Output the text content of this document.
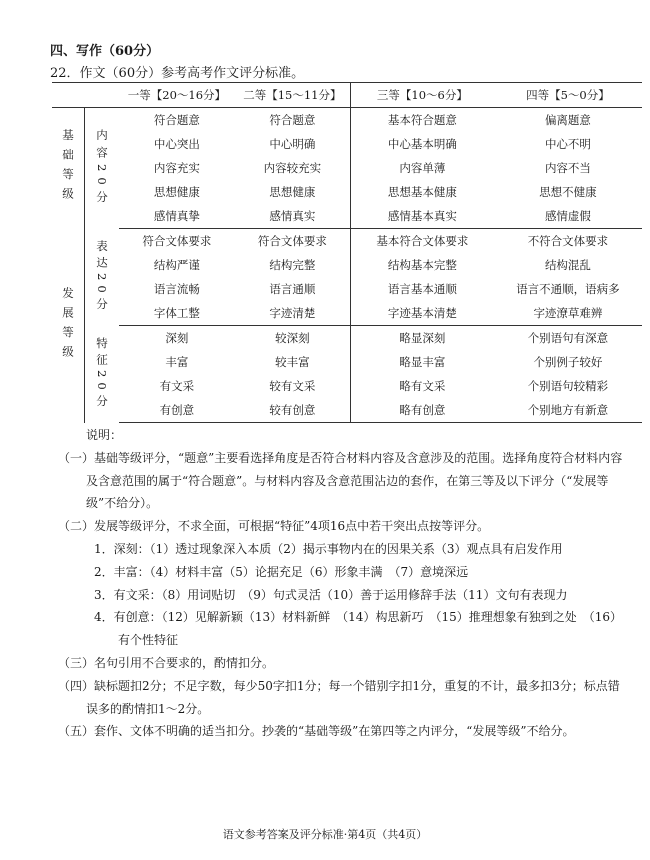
四、写作（60分）
22．作文（60分）参考高考作文评分标准。
		一等【20～16分】	二等【15～11分】	三等【10～6分】	四等【5～0分】
基础等级	内容20分	符合题意	符合题意	基本符合题意	偏离题意
		中心突出	中心明确	中心基本明确	中心不明
		内容充实	内容较充实	内容单薄	内容不当
		思想健康	思想健康	思想基本健康	思想不健康
		感情真挚	感情真实	感情基本真实	感情虚假
发展等级	表达20分	符合文体要求	符合文体要求	基本符合文体要求	不符合文体要求
		结构严谨	结构完整	结构基本完整	结构混乱
		语言流畅	语言通顺	语言基本通顺	语言不通顺，语病多
		字体工整	字迹清楚	字迹基本清楚	字迹潦草难辨
	特征20分	深刻	较深刻	略显深刻	个别语句有深意
		丰富	较丰富	略显丰富	个别例子较好
		有文采	较有文采	略有文采	个别语句较精彩
		有创意	较有创意	略有创意	个别地方有新意

说明：

（一）基础等级评分，“题意”主要看选择角度是否符合材料内容及含意涉及的范围。选择角度符合材料内容及含意范围的属于“符合题意”。与材料内容及含意范围沾边的套作，在第三等及以下评分（“发展等级”不给分）。

（二）发展等级评分，不求全面，可根据“特征”4项16点中若干突出点按等评分。

1．深刻：（1）透过现象深入本质（2）揭示事物内在的因果关系（3）观点具有启发作用

2．丰富：（4）材料丰富（5）论据充足（6）形象丰满　（7）意境深远

3．有文采：（8）用词贴切　（9）句式灵活（10）善于运用修辞手法（11）文句有表现力

4．有创意：（12）见解新颖（13）材料新鲜　（14）构思新巧　（15）推理想象有独到之处　（16）有个性特征

（三）名句引用不合要求的，酌情扣分。

（四）缺标题扣2分；不足字数，每少50字扣1分；每一个错别字扣1分，重复的不计，最多扣3分；标点错误多的酌情扣1～2分。

（五）套作、文体不明确的适当扣分。抄袭的“基础等级”在第四等之内评分，“发展等级”不给分。

语文参考答案及评分标准·第4页（共4页）
